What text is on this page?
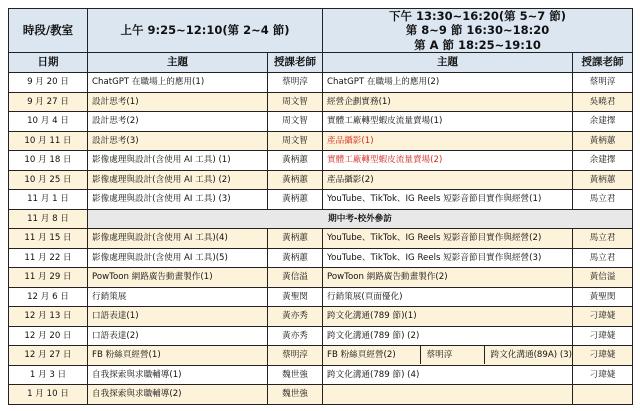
時段/教室	上午 9:25~12:10(第 2~4 節)		下午 13:30~16:20(第 5~7 節)
第 8~9 節 16:30~18:20
第 A 節 18:25~19:10	

日期	主題	授課老師	主題	授課老師
9 月 20 日	ChatGPT 在職場上的應用(1)	蔡明淳	ChatGPT 在職場上的應用(2)	蔡明淳
9 月 27 日	設計思考(1)	周文智	經營企劃實務(1)	吳曉君
10 月 4 日	設計思考(2)	周文智	實體工廠轉型蝦皮流量賣場(1)	余建擇
10 月 11 日	設計思考(3)	周文智	產品攝影(1)	黃柄蕙
10 月 18 日	影像處理與設計(含使用 AI 工具) (1)	黃柄蕙	實體工廠轉型蝦皮流量賣場(2)	余建擇
10 月 25 日	影像處理與設計(含使用 AI 工具) (2)	黃柄蕙	產品攝影(2)	黃柄蕙
11 月 1 日	影像處理與設計(含使用 AI 工具) (3)	黃柄蕙	YouTube、TikTok、IG Reels 短影音節目實作與經營(1)	馬立君
11 月 8 日	期中考-校外參訪			
11 月 15 日	影像處理與設計(含使用 AI 工具)(4)	黃柄蕙	YouTube、TikTok、IG Reels 短影音節目實作與經營(2)	馬立君
11 月 22 日	影像處理與設計(含使用 AI 工具)(5)	黃柄蕙	YouTube、TikTok、IG Reels 短影音節目實作與經營(3)	馬立君
11 月 29 日	PowToon 網路廣告動畫製作(1)	黃信溢	PowToon 網路廣告動畫製作(2)	黃信溢
12 月 6 日	行銷策展	黃聖閔	行銷策展(頁面優化)	黃聖閔
12 月 13 日	口語表達(1)	黃亦秀	跨文化溝通(789 節)(1)	刁瑋婕
12 月 20 日	口語表達(2)	黃亦秀	跨文化溝通(789 節) (2)	刁瑋婕
12 月 27 日	FB 粉絲頁經營(1)	蔡明淳	FB 粉絲頁經營(2) 蔡明淳 跨文化溝通(89A) (3)	刁瑋婕
1 月 3 日	自我探索與求職輔導(1)	魏世強	跨文化溝通(789 節) (4)	刁瑋婕
1 月 10 日	自我探索與求職輔導(2)	魏世強		
